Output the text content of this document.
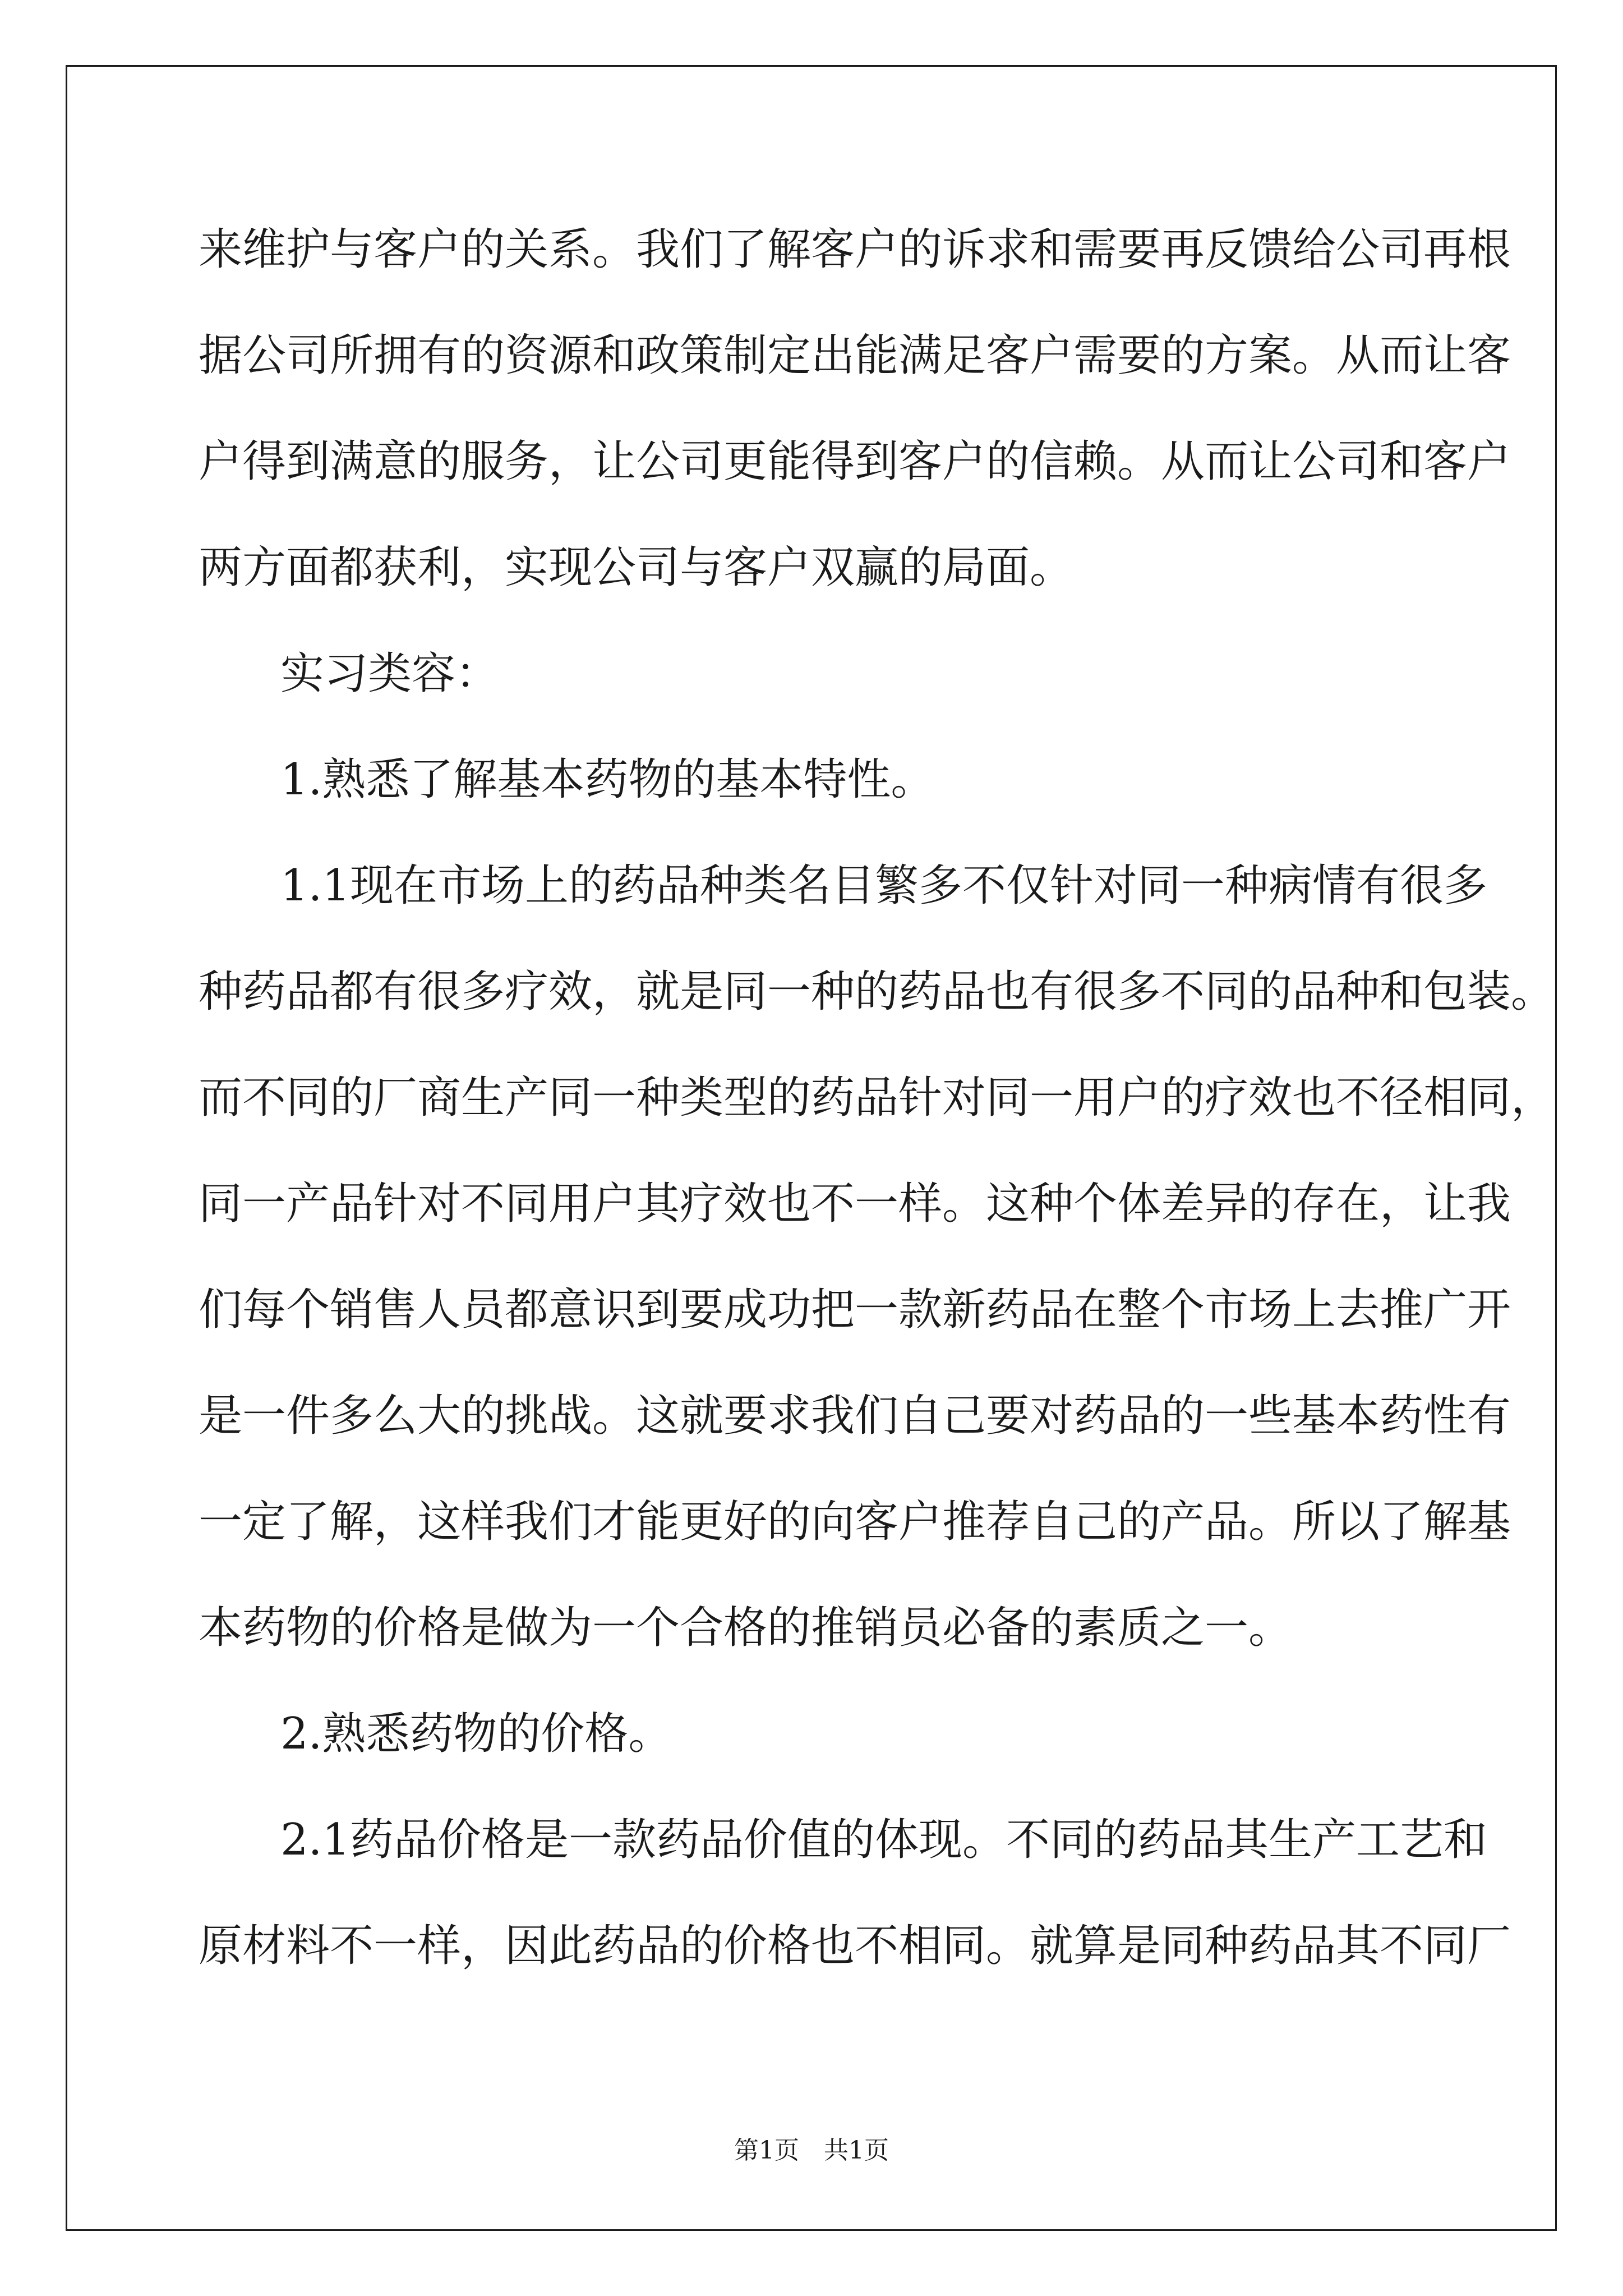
来维护与客户的关系。我们了解客户的诉求和需要再反馈给公司再根

据公司所拥有的资源和政策制定出能满足客户需要的方案。从而让客

户得到满意的服务，让公司更能得到客户的信赖。从而让公司和客户

两方面都获利，实现公司与客户双赢的局面。

实习类容：

1.熟悉了解基本药物的基本特性。

1.1现在市场上的药品种类名目繁多不仅针对同一种病情有很多

种药品都有很多疗效，就是同一种的药品也有很多不同的品种和包装。

而不同的厂商生产同一种类型的药品针对同一用户的疗效也不径相同，

同一产品针对不同用户其疗效也不一样。这种个体差异的存在，让我

们每个销售人员都意识到要成功把一款新药品在整个市场上去推广开

是一件多么大的挑战。这就要求我们自己要对药品的一些基本药性有

一定了解，这样我们才能更好的向客户推荐自己的产品。所以了解基

本药物的价格是做为一个合格的推销员必备的素质之一。

2.熟悉药物的价格。

2.1药品价格是一款药品价值的体现。不同的药品其生产工艺和

原材料不一样，因此药品的价格也不相同。就算是同种药品其不同厂

第1页　共1页
